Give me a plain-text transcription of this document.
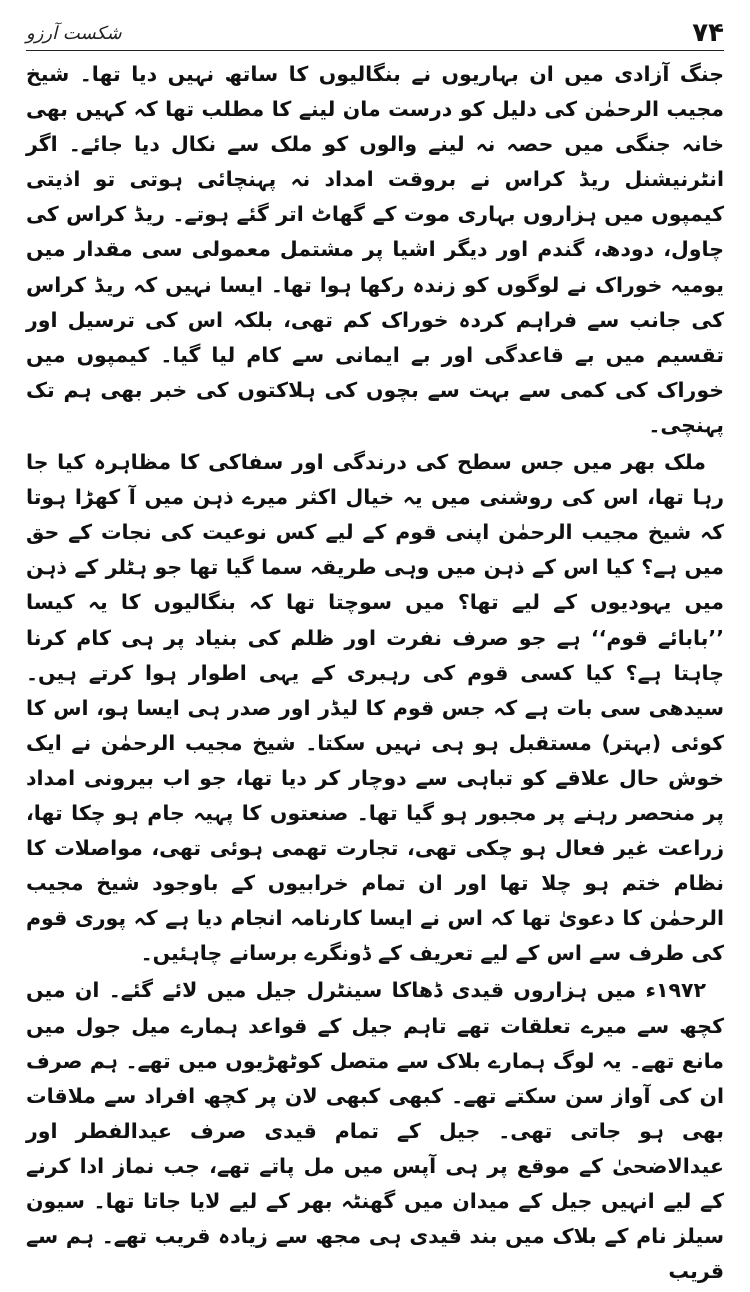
شکست آرزو	۷۴

جنگ آزادی میں ان بہاریوں نے بنگالیوں کا ساتھ نہیں دیا تھا۔ شیخ مجیب الرحمٰن کی دلیل کو درست مان لینے کا مطلب تھا کہ کہیں بھی خانہ جنگی میں حصہ نہ لینے والوں کو ملک سے نکال دیا جائے۔ اگر انٹرنیشنل ریڈ کراس نے بروقت امداد نہ پہنچائی ہوتی تو اذیتی کیمپوں میں ہزاروں بہاری موت کے گھاٹ اتر گئے ہوتے۔ ریڈ کراس کی چاول، دودھ، گندم اور دیگر اشیا پر مشتمل معمولی سی مقدار میں یومیہ خوراک نے لوگوں کو زندہ رکھا ہوا تھا۔ ایسا نہیں کہ ریڈ کراس کی جانب سے فراہم کردہ خوراک کم تھی، بلکہ اس کی ترسیل اور تقسیم میں بے قاعدگی اور بے ایمانی سے کام لیا گیا۔ کیمپوں میں خوراک کی کمی سے بہت سے بچوں کی ہلاکتوں کی خبر بھی ہم تک پہنچی۔

ملک بھر میں جس سطح کی درندگی اور سفاکی کا مظاہرہ کیا جا رہا تھا، اس کی روشنی میں یہ خیال اکثر میرے ذہن میں آ کھڑا ہوتا کہ شیخ مجیب الرحمٰن اپنی قوم کے لیے کس نوعیت کی نجات کے حق میں ہے؟ کیا اس کے ذہن میں وہی طریقہ سما گیا تھا جو ہٹلر کے ذہن میں یہودیوں کے لیے تھا؟ میں سوچتا تھا کہ بنگالیوں کا یہ کیسا ’’بابائے قوم‘‘ ہے جو صرف نفرت اور ظلم کی بنیاد پر ہی کام کرنا چاہتا ہے؟ کیا کسی قوم کی رہبری کے یہی اطوار ہوا کرتے ہیں۔ سیدھی سی بات ہے کہ جس قوم کا لیڈر اور صدر ہی ایسا ہو، اس کا کوئی (بہتر) مستقبل ہو ہی نہیں سکتا۔ شیخ مجیب الرحمٰن نے ایک خوش حال علاقے کو تباہی سے دوچار کر دیا تھا، جو اب بیرونی امداد پر منحصر رہنے پر مجبور ہو گیا تھا۔ صنعتوں کا پہیہ جام ہو چکا تھا، زراعت غیر فعال ہو چکی تھی، تجارت تھمی ہوئی تھی، مواصلات کا نظام ختم ہو چلا تھا اور ان تمام خرابیوں کے باوجود شیخ مجیب الرحمٰن کا دعویٰ تھا کہ اس نے ایسا کارنامہ انجام دیا ہے کہ پوری قوم کی طرف سے اس کے لیے تعریف کے ڈونگرے برسانے چاہئیں۔

۱۹۷۲ء میں ہزاروں قیدی ڈھاکا سینٹرل جیل میں لائے گئے۔ ان میں کچھ سے میرے تعلقات تھے تاہم جیل کے قواعد ہمارے میل جول میں مانع تھے۔ یہ لوگ ہمارے بلاک سے متصل کوٹھڑیوں میں تھے۔ ہم صرف ان کی آواز سن سکتے تھے۔ کبھی کبھی لان پر کچھ افراد سے ملاقات بھی ہو جاتی تھی۔ جیل کے تمام قیدی صرف عیدالفطر اور عیدالاضحیٰ کے موقع پر ہی آپس میں مل پاتے تھے، جب نماز ادا کرنے کے لیے انہیں جیل کے میدان میں گھنٹہ بھر کے لیے لایا جاتا تھا۔ سیون سیلز نام کے بلاک میں بند قیدی ہی مجھ سے زیادہ قریب تھے۔ ہم سے قریب
